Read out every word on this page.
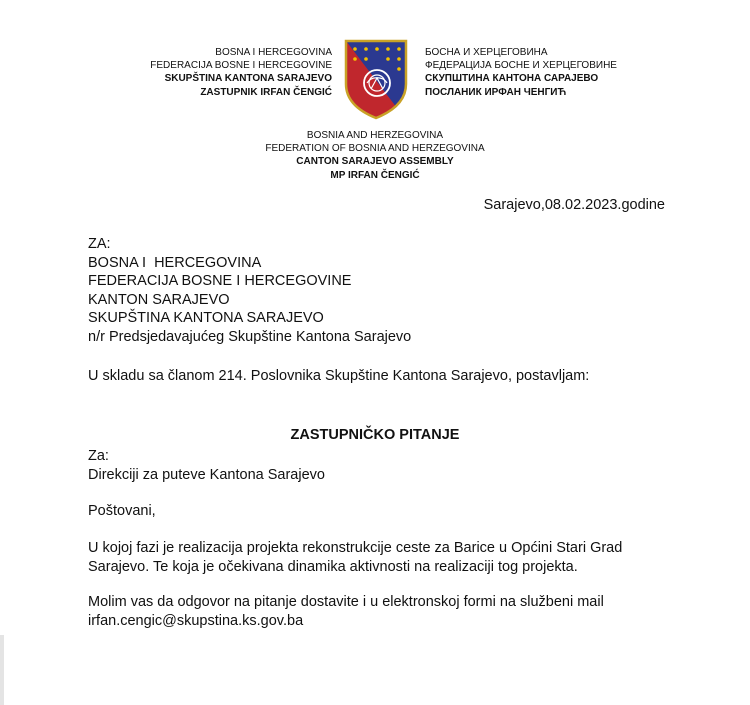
BOSNA I HERCEGOVINA
FEDERACIJA BOSNE I HERCEGOVINE
SKUPŠTINA KANTONA SARAJEVO
ZASTUPNIK IRFAN ČENGIĆ
БОСНА И ХЕРЦЕГОВИНА
ФЕДЕРАЦИЈА БОСНЕ И ХЕРЦЕГОВИНЕ
СКУПШТИНА КАНТОНА САРАЈЕВО
ПОСЛАНИК ИРФАН ЧЕНГИЋ
BOSNIA AND HERZEGOVINA
FEDERATION OF BOSNIA AND HERZEGOVINA
CANTON SARAJEVO ASSEMBLY
MP IRFAN ČENGIĆ
Sarajevo,08.02.2023.godine
ZA:
BOSNA I  HERCEGOVINA
FEDERACIJA BOSNE I HERCEGOVINE
KANTON SARAJEVO
SKUPŠTINA KANTONA SARAJEVO
n/r Predsjedavajućeg Skupštine Kantona Sarajevo
U skladu sa članom 214. Poslovnika Skupštine Kantona Sarajevo, postavljam:
ZASTUPNIČKO PITANJE
Za:
Direkciji za puteve Kantona Sarajevo
Poštovani,
U kojoj fazi je realizacija projekta rekonstrukcije ceste za Barice u Općini Stari Grad
Sarajevo. Te koja je očekivana dinamika aktivnosti na realizaciji tog projekta.
Molim vas da odgovor na pitanje dostavite i u elektronskoj formi na službeni mail
irfan.cengic@skupstina.ks.gov.ba
